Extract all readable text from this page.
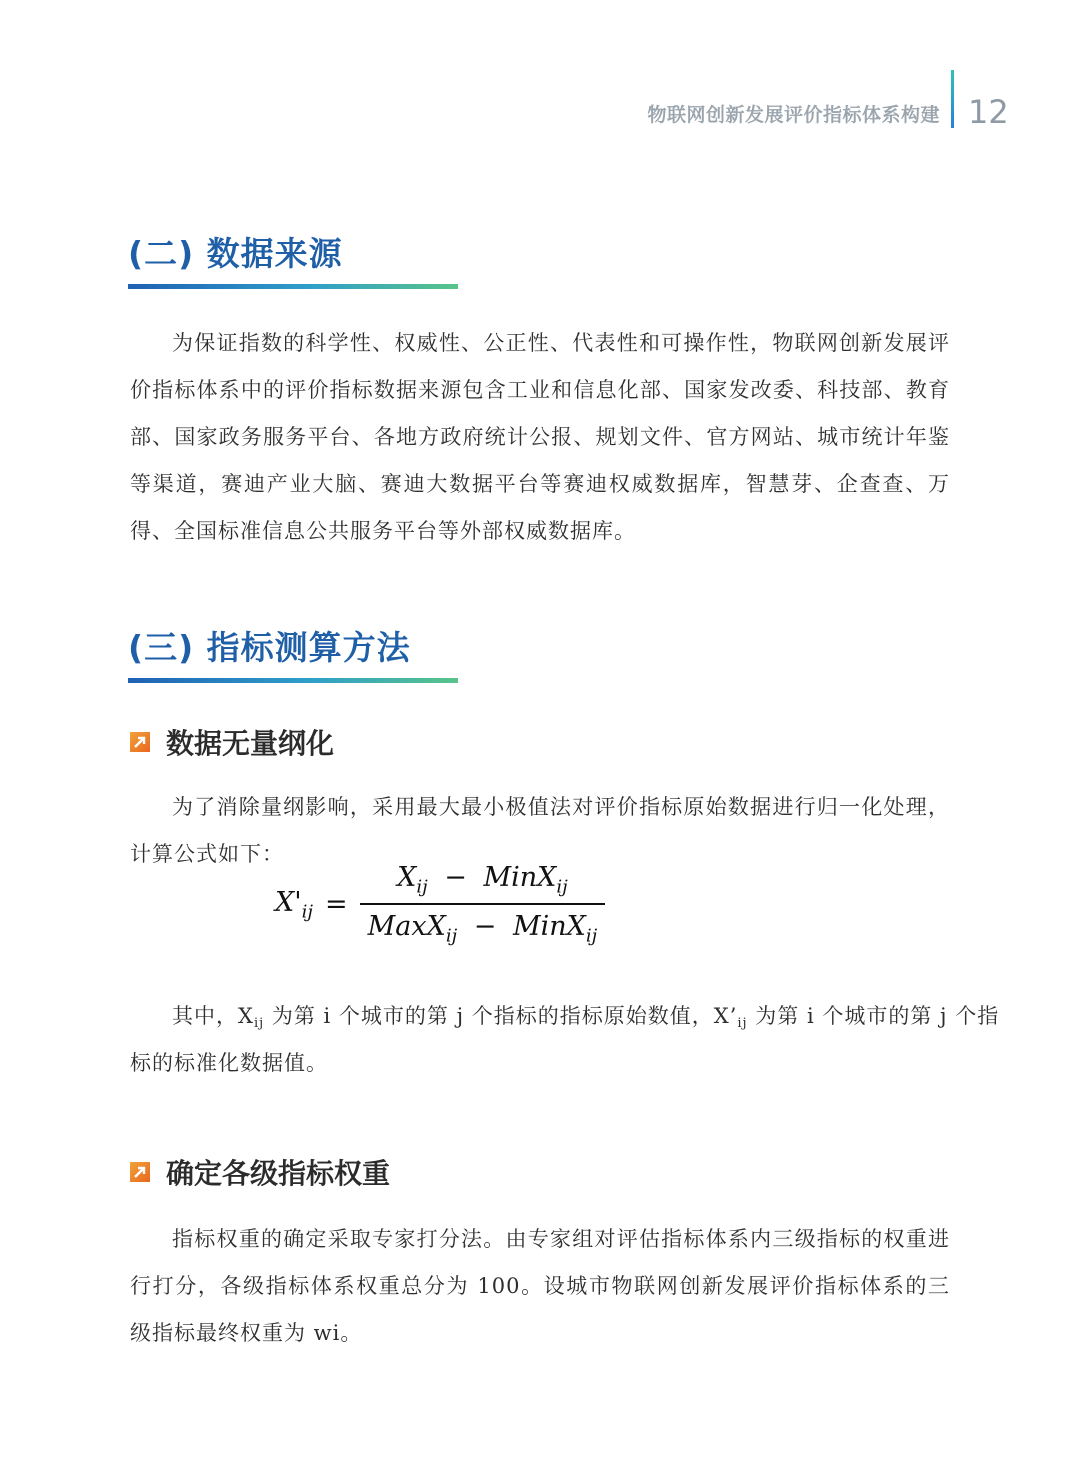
物联网创新发展评价指标体系构建 12
(二) 数据来源

为保证指数的科学性、权威性、公正性、代表性和可操作性，物联网创新发展评价指标体系中的评价指标数据来源包含工业和信息化部、国家发改委、科技部、教育部、国家政务服务平台、各地方政府统计公报、规划文件、官方网站、城市统计年鉴等渠道，赛迪产业大脑、赛迪大数据平台等赛迪权威数据库，智慧芽、企查查、万得、全国标准信息公共服务平台等外部权威数据库。

(三) 指标测算方法
数据无量纲化

为了消除量纲影响，采用最大最小极值法对评价指标原始数据进行归一化处理，计算公式如下：

$X'_{ij} = \frac{X_{ij} - MinX_{ij}}{MaxX_{ij} - MinX_{ij}}$
其中，Xij 为第 i 个城市的第 j 个指标的指标原始数值，X’ij 为第 i 个城市的第 j 个指
标的标准化数据值。
确定各级指标权重

指标权重的确定采取专家打分法。由专家组对评估指标体系内三级指标的权重进行打分，各级指标体系权重总分为 100。设城市物联网创新发展评价指标体系的三级指标最终权重为 wi。
